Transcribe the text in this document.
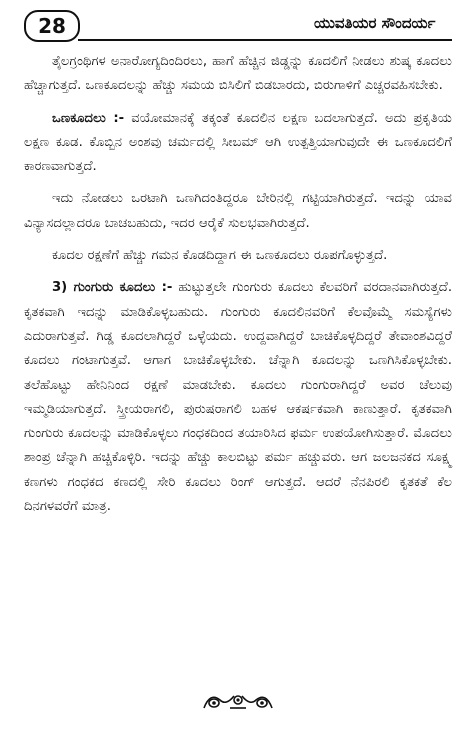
28	ಯುವತಿಯರ ಸೌಂದರ್ಯ

ತೈಲಗ್ರಂಥಿಗಳ ಅನಾರೋಗ್ಯದಿಂದಿರಲು, ಹಾಗೆ ಹೆಚ್ಚಿನ ಜಿಡ್ಡನ್ನು ಕೂದಲಿಗೆ ನೀಡಲು ಶುಷ್ಕ ಕೂದಲು ಹೆಚ್ಚಾಗುತ್ತದೆ. ಒಣಕೂದಲನ್ನು ಹೆಚ್ಚು ಸಮಯ ಬಿಸಿಲಿಗೆ ಬಿಡಬಾರದು, ಬಿರುಗಾಳಿಗೆ ಎಚ್ಚರವಹಿಸಬೇಕು.

ಒಣಕೂದಲು :- ವಯೋಮಾನಕ್ಕೆ ತಕ್ಕಂತೆ ಕೂದಲಿನ ಲಕ್ಷಣ ಬದಲಾಗುತ್ತದೆ. ಅದು ಪ್ರಕೃತಿಯ ಲಕ್ಷಣ ಕೂಡ. ಕೊಬ್ಬಿನ ಅಂಶವು ಚರ್ಮದಲ್ಲಿ ಸೀಬಮ್ ಆಗಿ ಉತ್ಪತ್ತಿಯಾಗುವುದೇ ಈ ಒಣಕೂದಲಿಗೆ ಕಾರಣವಾಗುತ್ತದೆ.

ಇದು ನೋಡಲು ಒರಟಾಗಿ ಒಣಗಿದಂತಿದ್ದರೂ ಬೇರಿನಲ್ಲಿ ಗಟ್ಟಿಯಾಗಿರುತ್ತದೆ. ಇದನ್ನು ಯಾವ ವಿನ್ಯಾಸದಲ್ಲಾದರೂ ಬಾಚಬಹುದು, ಇದರ ಆರೈಕೆ ಸುಲಭವಾಗಿರುತ್ತದೆ.

ಕೂದಲ ರಕ್ಷಣೆಗೆ ಹೆಚ್ಚು ಗಮನ ಕೊಡದಿದ್ದಾಗ ಈ ಒಣಕೂದಲು ರೂಪಗೊಳ್ಳುತ್ತದೆ.

3) ಗುಂಗುರು ಕೂದಲು :- ಹುಟ್ಟುತ್ತಲೇ ಗುಂಗುರು ಕೂದಲು ಕೆಲವರಿಗೆ ವರದಾನವಾಗಿರುತ್ತದೆ. ಕೃತಕವಾಗಿ ಇದನ್ನು ಮಾಡಿಕೊಳ್ಳಬಹುದು. ಗುಂಗುರು ಕೂದಲಿನವರಿಗೆ ಕೆಲವೊಮ್ಮೆ ಸಮಸ್ಯೆಗಳು ಎದುರಾಗುತ್ತವೆ. ಗಿಡ್ಡ ಕೂದಲಾಗಿದ್ದರೆ ಒಳ್ಳೆಯದು. ಉದ್ದವಾಗಿದ್ದರೆ ಬಾಚಿಕೊಳ್ಳದಿದ್ದರೆ ತೇವಾಂಶವಿದ್ದರೆ ಕೂದಲು ಗಂಟಾಗುತ್ತವೆ. ಆಗಾಗ ಬಾಚಿಕೊಳ್ಳಬೇಕು. ಚೆನ್ನಾಗಿ ಕೂದಲನ್ನು ಒಣಗಿಸಿಕೊಳ್ಳಬೇಕು. ತಲೆಹೊಟ್ಟು ಹೇನಿನಿಂದ ರಕ್ಷಣೆ ಮಾಡಬೇಕು. ಕೂದಲು ಗುಂಗುರಾಗಿದ್ದರೆ ಅವರ ಚೆಲುವು ಇಮ್ಮಡಿಯಾಗುತ್ತದೆ. ಸ್ತ್ರೀಯರಾಗಲಿ, ಪುರುಷರಾಗಲಿ ಬಹಳ ಆಕರ್ಷಕವಾಗಿ ಕಾಣುತ್ತಾರೆ. ಕೃತಕವಾಗಿ ಗುಂಗುರು ಕೂದಲನ್ನು ಮಾಡಿಕೊಳ್ಳಲು ಗಂಧಕದಿಂದ ತಯಾರಿಸಿದ ಫರ್ಮ ಉಪಯೋಗಿಸುತ್ತಾರೆ. ಮೊದಲು ಶಾಂಪ್ರ ಚೆನ್ನಾಗಿ ಹಚ್ಚಿಕೊಳ್ಳಿರಿ. ಇದನ್ನು ಹೆಚ್ಚು ಕಾಲಬಿಟ್ಟು ಪರ್ಮ ಹಚ್ಚುವರು. ಆಗ ಜಲಜನಕದ ಸೂಕ್ಷ್ಮ ಕಣಗಳು ಗಂಧಕದ ಕಣದಲ್ಲಿ ಸೇರಿ ಕೂದಲು ರಿಂಗ್ ಆಗುತ್ತದೆ. ಆದರೆ ನೆನಪಿರಲಿ ಕೃತಕತೆ ಕೆಲ ದಿನಗಳವರೆಗೆ ಮಾತ್ರ.
